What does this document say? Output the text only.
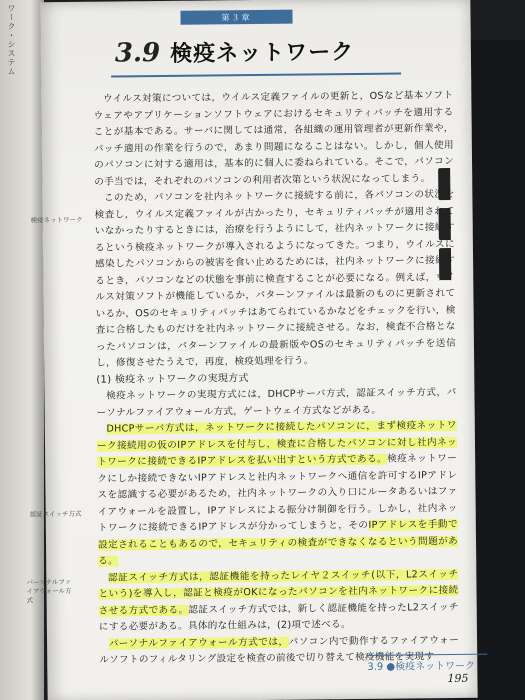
ワーク・システム	第３章
3.9 検疫ネットワーク
検疫ネットワーク
認証スイッチ方式
パーソナルファイアウォール方式

ウイルス対策については，ウイルス定義ファイルの更新と，OSなど基本ソフトウェアやアプリケーションソフトウェアにおけるセキュリティパッチを適用することが基本である。サーバに関しては通常，各組織の運用管理者が更新作業や，パッチ適用の作業を行うので，あまり問題になることはない。しかし，個人使用のパソコンに対する適用は，基本的に個人に委ねられている。そこで，パソコンの手当では，それぞれのパソコンの利用者次第という状況になってしまう。

このため，パソコンを社内ネットワークに接続する前に，各パソコンの状況を検査し，ウイルス定義ファイルが古かったり，セキュリティパッチが適用されていなかったりするときには，治療を行うようにして，社内ネットワークに接続するという検疫ネットワークが導入されるようになってきた。つまり，ウイルスに感染したパソコンからの被害を食い止めるためには，社内ネットワークに接続するとき，パソコンなどの状態を事前に検査することが必要になる。例えば，ウイルス対策ソフトが機能しているか，パターンファイルは最新のものに更新されているか，OSのセキュリティパッチはあてられているかなどをチェックを行い，検査に合格したものだけを社内ネットワークに接続させる。なお，検査不合格となったパソコンは，パターンファイルの最新版やOSのセキュリティパッチを送信し，修復させたうえで，再度，検疫処理を行う。

(1) 検疫ネットワークの実現方式

検疫ネットワークの実現方式には，DHCPサーバ方式，認証スイッチ方式，パーソナルファイアウォール方式，ゲートウェイ方式などがある。

DHCPサーバ方式は，ネットワークに接続したパソコンに，まず検疫ネットワーク接続用の仮のIPアドレスを付与し，検査に合格したパソコンに対し社内ネットワークに接続できるIPアドレスを払い出すという方式である。検疫ネットワークにしか接続できないIPアドレスと社内ネットワークへ通信を許可するIPアドレスを認識する必要があるため，社内ネットワークの入り口にルータあるいはファイアウォールを設置し，IPアドレスによる振分け制御を行う。しかし，社内ネットワークに接続できるIPアドレスが分かってしまうと，そのIPアドレスを手動で設定されることもあるので，セキュリティの検査ができなくなるという問題がある。

認証スイッチ方式は，認証機能を持ったレイヤ２スイッチ(以下，L2スイッチという)を導入し，認証と検疫がOKになったパソコンを社内ネットワークに接続させる方式である。認証スイッチ方式では，新しく認証機能を持ったL2スイッチにする必要がある。具体的な仕組みは，(2)項で述べる。

パーソナルファイアウォール方式では，パソコン内で動作するファイアウォールソフトのフィルタリング設定を検査の前後で切り替えて検疫機能を実現す

3.9 ●検疫ネットワーク
195
